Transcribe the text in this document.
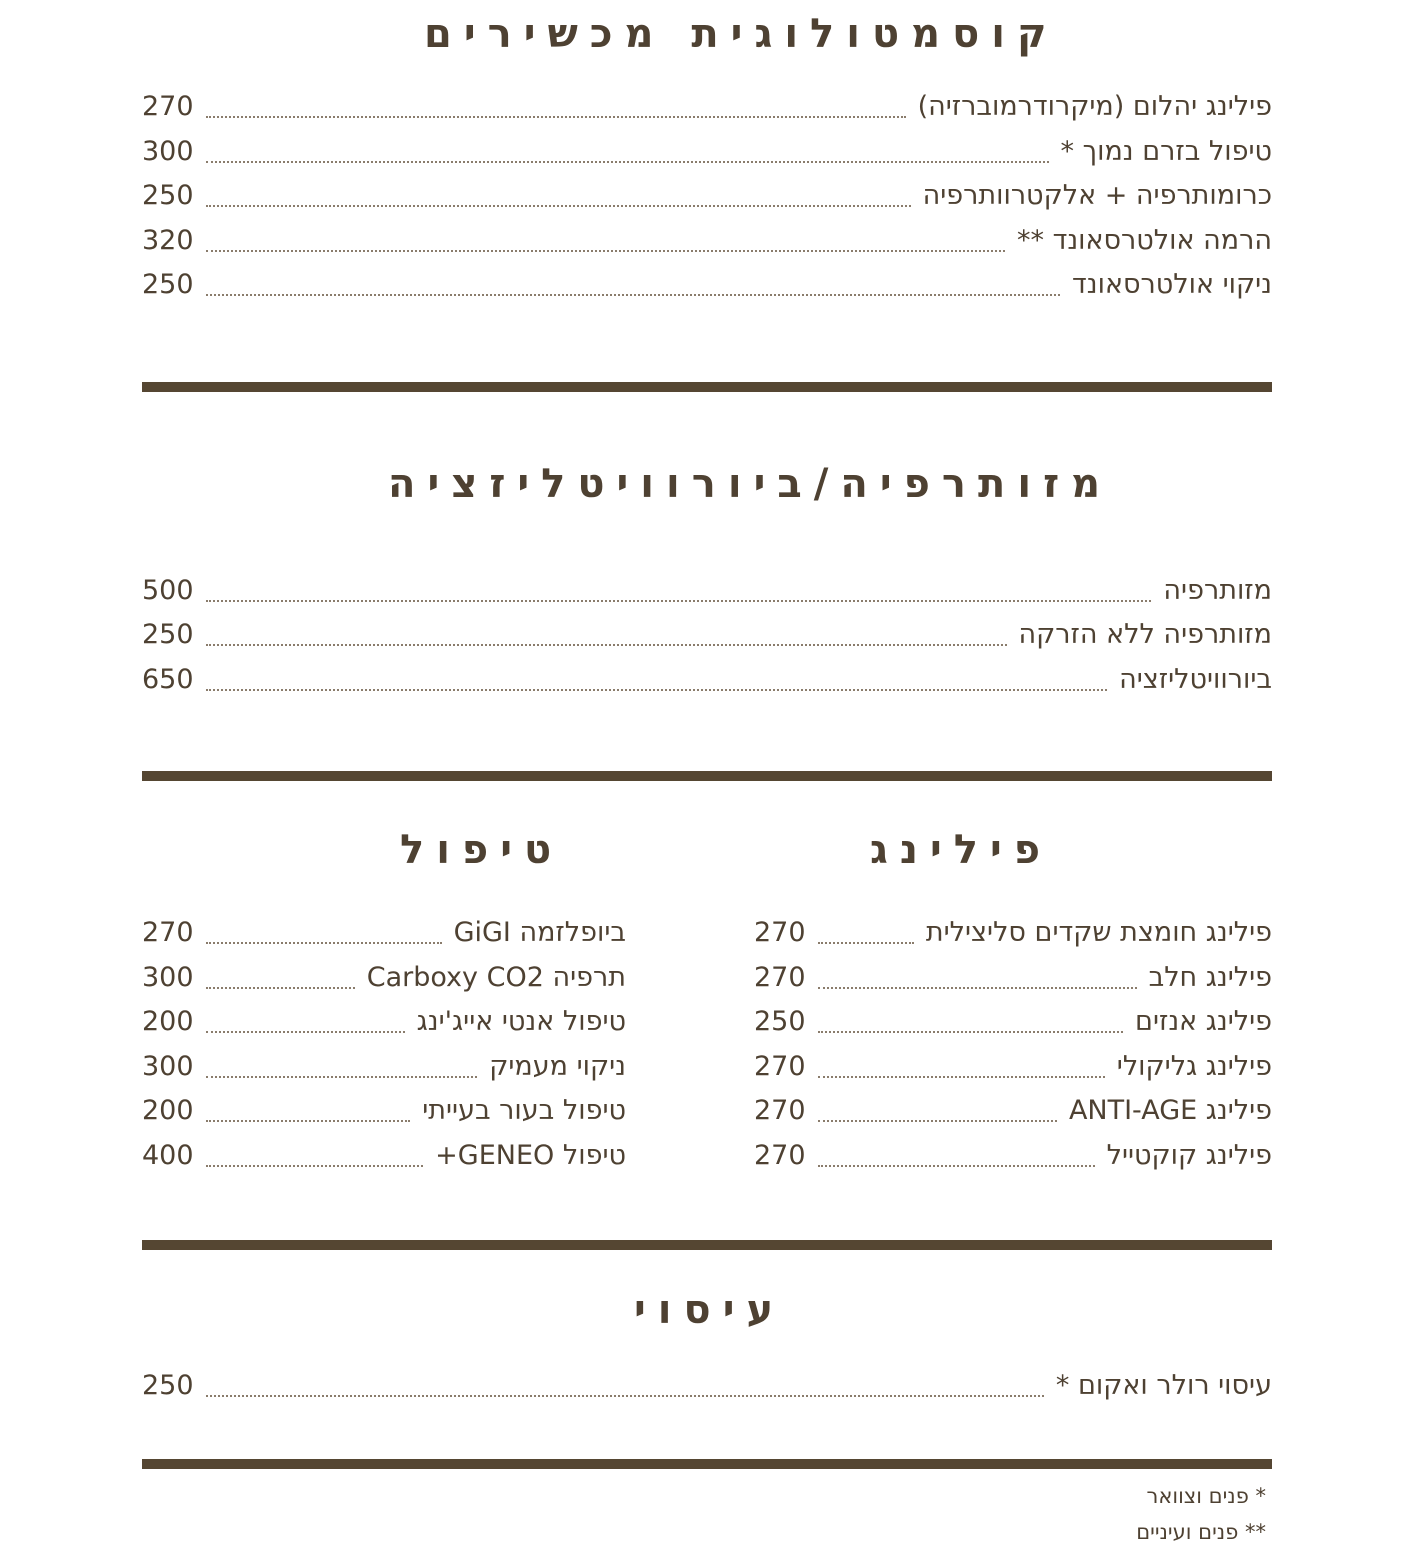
קוסמטולוגית מכשירים
פילינג יהלום (מיקרודרמוברזיה)
270
טיפול בזרם נמוך *
300
כרומותרפיה + אלקטרוותרפיה
250
הרמה אולטרסאונד **
320
ניקוי אולטרסאונד
250
מזותרפיה/ביורוויטליזציה
מזותרפיה
500
מזותרפיה ללא הזרקה
250
ביורוויטליזציה
650
פילינג
פילינג חומצת שקדים סליצילית
270
פילינג חלב
270
פילינג אנזים
250
פילינג גליקולי
270
פילינג ANTI-AGE
270
פילינג קוקטייל
270
טיפול
ביופלזמה GiGI
270
תרפיה Carboxy CO2
300
טיפול אנטי אייג'ינג
200
ניקוי מעמיק
300
טיפול בעור בעייתי
200
טיפול GENEO+
400
עיסוי
עיסוי רולר ואקום *
250
* פנים וצוואר
** פנים ועיניים
